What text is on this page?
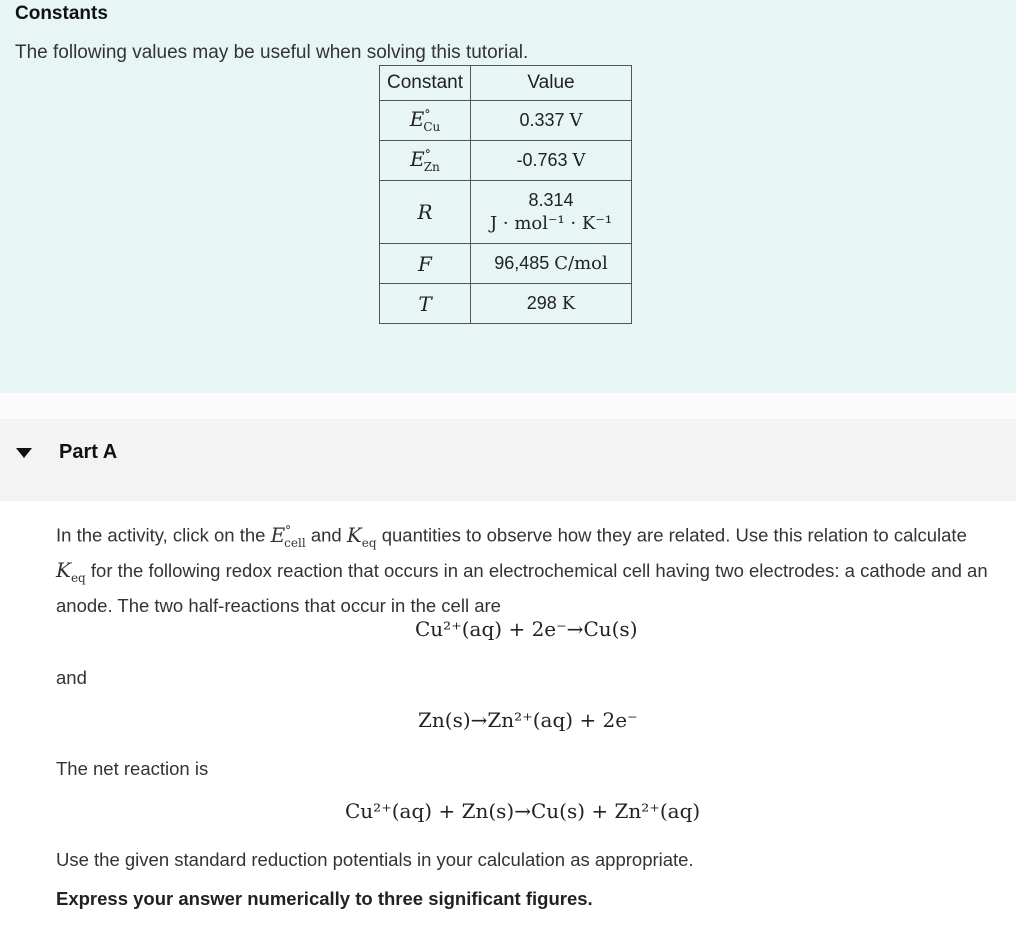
Constants
The following values may be useful when solving this tutorial.
Constant	Value
$E^\circ_{Cu}$	0.337 V
$E^\circ_{Zn}$	-0.763 V
R	8.314
J · mol⁻¹ · K⁻¹

F	96,485 C/mol
T	298 K
Part A
In the activity, click on the $E^\circ_{cell}$ and $K_{eq}$ quantities to observe how they are related. Use this relation to calculate $K_{eq}$ for the following redox reaction that occurs in an electrochemical cell having two electrodes: a cathode and an anode. The two half-reactions that occur in the cell are
Cu²⁺(aq) + 2e⁻→Cu(s)
and
Zn(s)→Zn²⁺(aq) + 2e⁻
The net reaction is
Cu²⁺(aq) + Zn(s)→Cu(s) + Zn²⁺(aq)
Use the given standard reduction potentials in your calculation as appropriate.
Express your answer numerically to three significant figures.
